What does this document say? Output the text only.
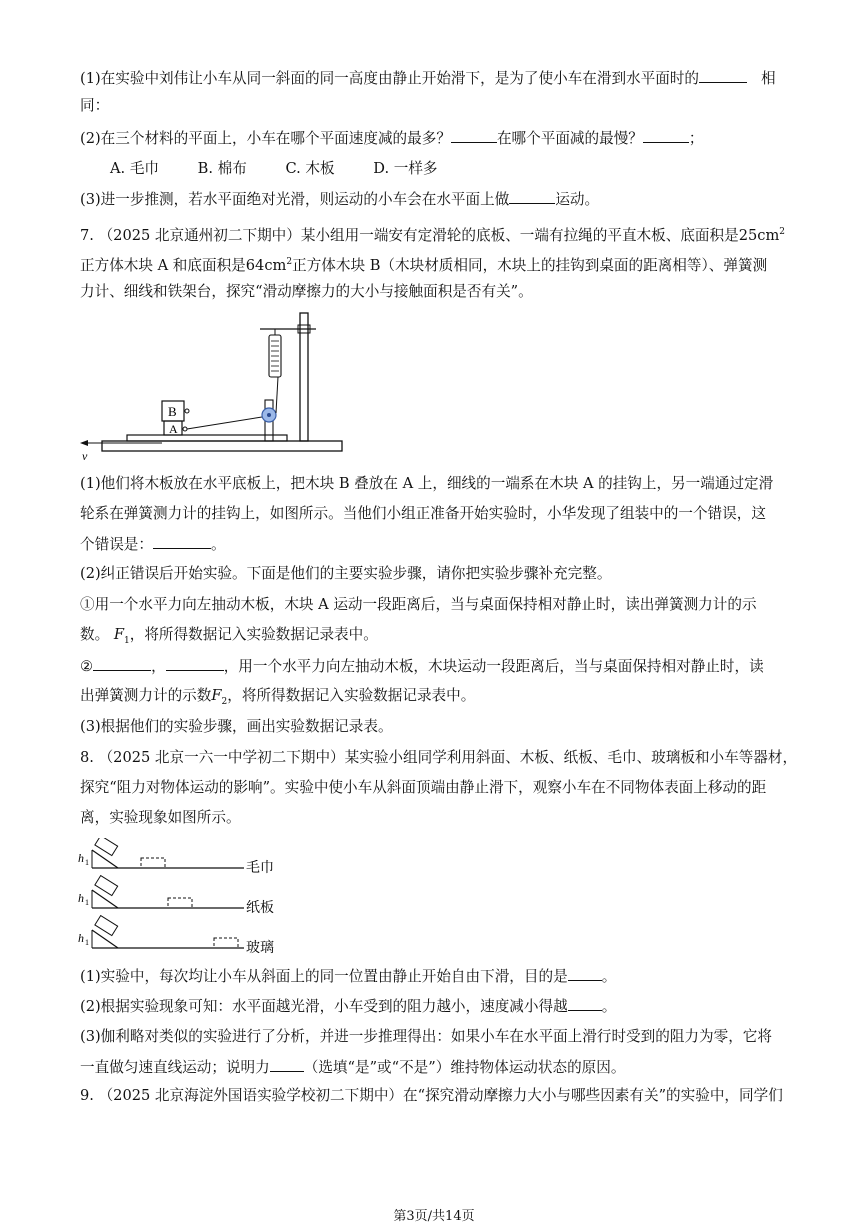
(1)在实验中刘伟让小车从同一斜面的同一高度由静止开始滑下，是为了使小车在滑到水平面时的	相
同：
(2)在三个材料的平面上，小车在哪个平面速度减的最多？	在哪个平面减的最慢？	；
A. 毛巾	B. 棉布	C. 木板	D. 一样多
(3)进一步推测，若水平面绝对光滑，则运动的小车会在水平面上做	运动。
7. （2025 北京通州初二下期中）某小组用一端安有定滑轮的底板、一端有拉绳的平直木板、底面积是$25cm^2$
正方体木块 A 和底面积是$64cm^2$正方体木块 B（木块材质相同，木块上的挂钩到桌面的距离相等）、弹簧测
力计、细线和铁架台，探究“滑动摩擦力的大小与接触面积是否有关”。
A
B
v
(1)他们将木板放在水平底板上，把木块 B 叠放在 A 上，细线的一端系在木块 A 的挂钩上，另一端通过定滑
轮系在弹簧测力计的挂钩上，如图所示。当他们小组正准备开始实验时，小华发现了组装中的一个错误，这
个错误是：	。
(2)纠正错误后开始实验。下面是他们的主要实验步骤，请你把实验步骤补充完整。
①用一个水平力向左抽动木板，木块 A 运动一段距离后，当与桌面保持相对静止时，读出弹簧测力计的示
数。 $F_1$，将所得数据记入实验数据记录表中。
②	，	，用一个水平力向左抽动木板，木块运动一段距离后，当与桌面保持相对静止时，读
出弹簧测力计的示数$F_2$，将所得数据记入实验数据记录表中。
(3)根据他们的实验步骤，画出实验数据记录表。
8. （2025 北京一六一中学初二下期中）某实验小组同学利用斜面、木板、纸板、毛巾、玻璃板和小车等器材，
探究“阻力对物体运动的影响”。实验中使小车从斜面顶端由静止滑下，观察小车在不同物体表面上移动的距
离，实验现象如图所示。
h 1	毛巾
h 1	纸板
h 1	玻璃
(1)实验中，每次均让小车从斜面上的同一位置由静止开始自由下滑，目的是 。
(2)根据实验现象可知：水平面越光滑，小车受到的阻力越小，速度减小得越 。
(3)伽利略对类似的实验进行了分析，并进一步推理得出：如果小车在水平面上滑行时受到的阻力为零，它将
一直做匀速直线运动；说明力 （选填“是”或“不是”）维持物体运动状态的原因。
9. （2025 北京海淀外国语实验学校初二下期中）在“探究滑动摩擦力大小与哪些因素有关”的实验中，同学们
第3页/共14页
